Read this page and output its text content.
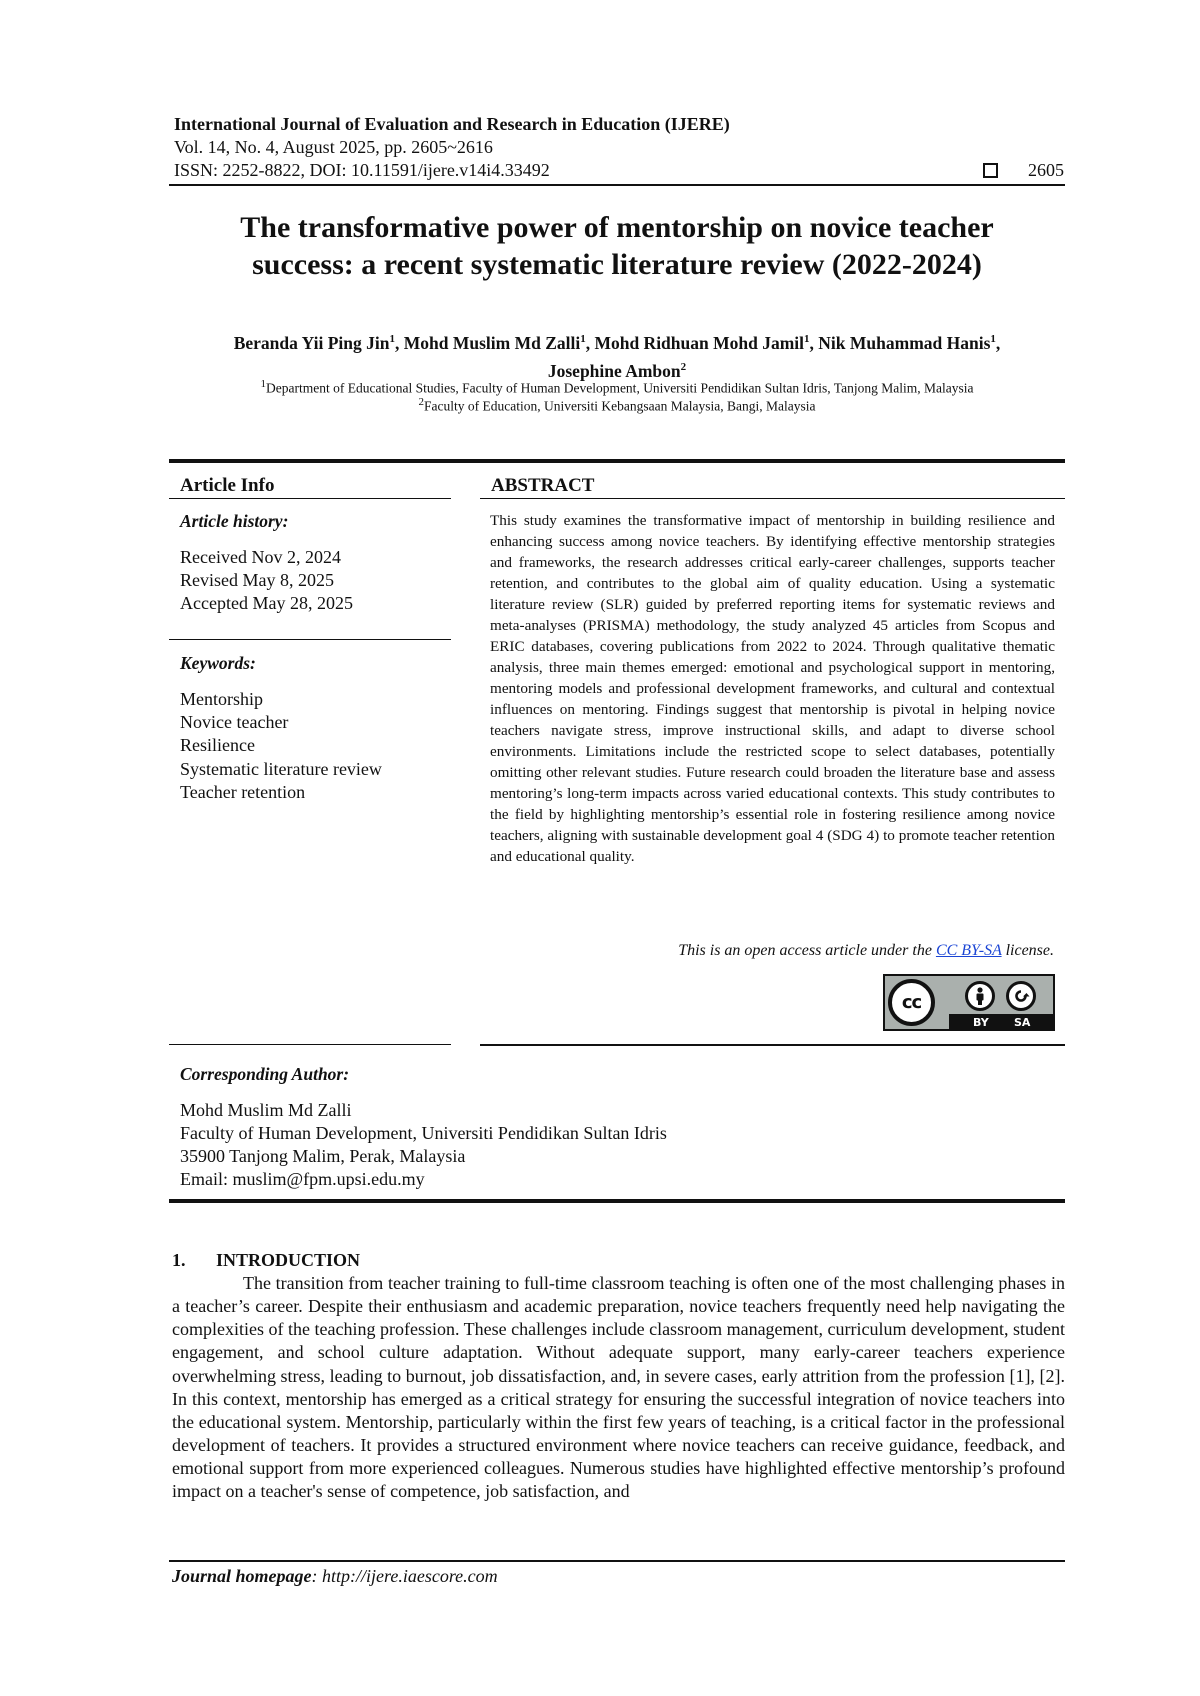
International Journal of Evaluation and Research in Education (IJERE)
Vol. 14, No. 4, August 2025, pp. 2605~2616
ISSN: 2252-8822, DOI: 10.11591/ijere.v14i4.33492	2605
The transformative power of mentorship on novice teacher
success: a recent systematic literature review (2022-2024)
Beranda Yii Ping Jin$^1$, Mohd Muslim Md Zalli$^1$, Mohd Ridhuan Mohd Jamil$^1$, Nik Muhammad Hanis$^1$,
Josephine Ambon$^2$
$^1$Department of Educational Studies, Faculty of Human Development, Universiti Pendidikan Sultan Idris, Tanjong Malim, Malaysia
$^2$Faculty of Education, Universiti Kebangsaan Malaysia, Bangi, Malaysia
Article Info	ABSTRACT
Article history:
Received Nov 2, 2024
Revised May 8, 2025
Accepted May 28, 2025
Keywords:
Mentorship
Novice teacher
Resilience
Systematic literature review
Teacher retention
This study examines the transformative impact of mentorship in building resilience and enhancing success among novice teachers. By identifying effective mentorship strategies and frameworks, the research addresses critical early-career challenges, supports teacher retention, and contributes to the global aim of quality education. Using a systematic literature review (SLR) guided by preferred reporting items for systematic reviews and meta-analyses (PRISMA) methodology, the study analyzed 45 articles from Scopus and ERIC databases, covering publications from 2022 to 2024. Through qualitative thematic analysis, three main themes emerged: emotional and psychological support in mentoring, mentoring models and professional development frameworks, and cultural and contextual influences on mentoring. Findings suggest that mentorship is pivotal in helping novice teachers navigate stress, improve instructional skills, and adapt to diverse school environments. Limitations include the restricted scope to select databases, potentially omitting other relevant studies. Future research could broaden the literature base and assess mentoring’s long-term impacts across varied educational contexts. This study contributes to the field by highlighting mentorship’s essential role in fostering resilience among novice teachers, aligning with sustainable development goal 4 (SDG 4) to promote teacher retention and educational quality.
This is an open access article under the CC BY-SA license.
cc
BY SA
Corresponding Author:
Mohd Muslim Md Zalli
Faculty of Human Development, Universiti Pendidikan Sultan Idris
35900 Tanjong Malim, Perak, Malaysia
Email: muslim@fpm.upsi.edu.my
1. INTRODUCTION
The transition from teacher training to full-time classroom teaching is often one of the most challenging phases in a teacher’s career. Despite their enthusiasm and academic preparation, novice teachers frequently need help navigating the complexities of the teaching profession. These challenges include classroom management, curriculum development, student engagement, and school culture adaptation. Without adequate support, many early-career teachers experience overwhelming stress, leading to burnout, job dissatisfaction, and, in severe cases, early attrition from the profession [1], [2]. In this context, mentorship has emerged as a critical strategy for ensuring the successful integration of novice teachers into the educational system. Mentorship, particularly within the first few years of teaching, is a critical factor in the professional development of teachers. It provides a structured environment where novice teachers can receive guidance, feedback, and emotional support from more experienced colleagues. Numerous studies have highlighted effective mentorship’s profound impact on a teacher's sense of competence, job satisfaction, and
Journal homepage: http://ijere.iaescore.com
